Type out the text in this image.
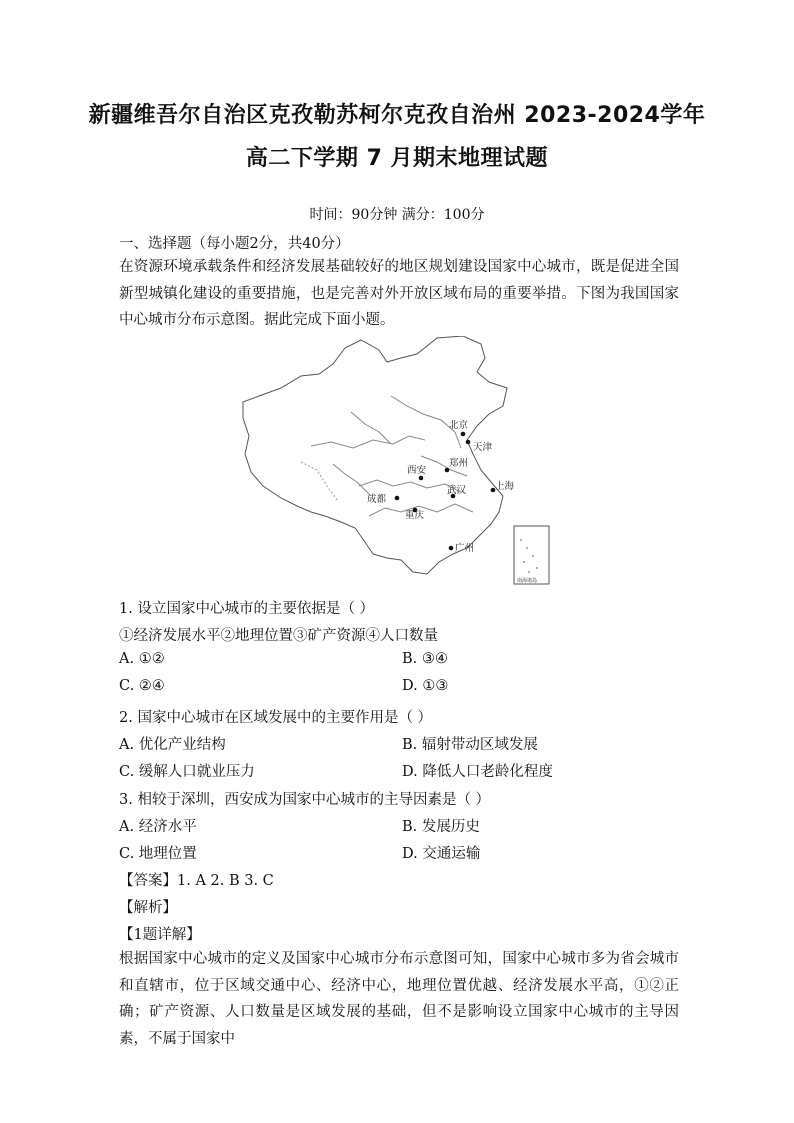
新疆维吾尔自治区克孜勒苏柯尔克孜自治州 2023-2024学年
高二下学期 7 月期末地理试题
时间：90分钟 满分：100分
一、选择题（每小题2分，共40分）
在资源环境承载条件和经济发展基础较好的地区规划建设国家中心城市，既是促进全国新型城镇化建设的重要措施，也是完善对外开放区域布局的重要举措。下图为我国国家中心城市分布示意图。据此完成下面小题。
北京
天津
西安
郑州
成都
武汉
重庆
上海
广州
南海诸岛
1. 设立国家中心城市的主要依据是（ ）
①经济发展水平②地理位置③矿产资源④人口数量
A. ①②	B. ③④
C. ②④	D. ①③
2. 国家中心城市在区域发展中的主要作用是（ ）
A. 优化产业结构	B. 辐射带动区域发展
C. 缓解人口就业压力	D. 降低人口老龄化程度
3. 相较于深圳，西安成为国家中心城市的主导因素是（ ）
A. 经济水平	B. 发展历史
C. 地理位置	D. 交通运输
【答案】1. A 2. B 3. C
【解析】
【1题详解】
根据国家中心城市的定义及国家中心城市分布示意图可知，国家中心城市多为省会城市和直辖市，位于区域交通中心、经济中心，地理位置优越、经济发展水平高，①②正确；矿产资源、人口数量是区域发展的基础，但不是影响设立国家中心城市的主导因素，不属于国家中
